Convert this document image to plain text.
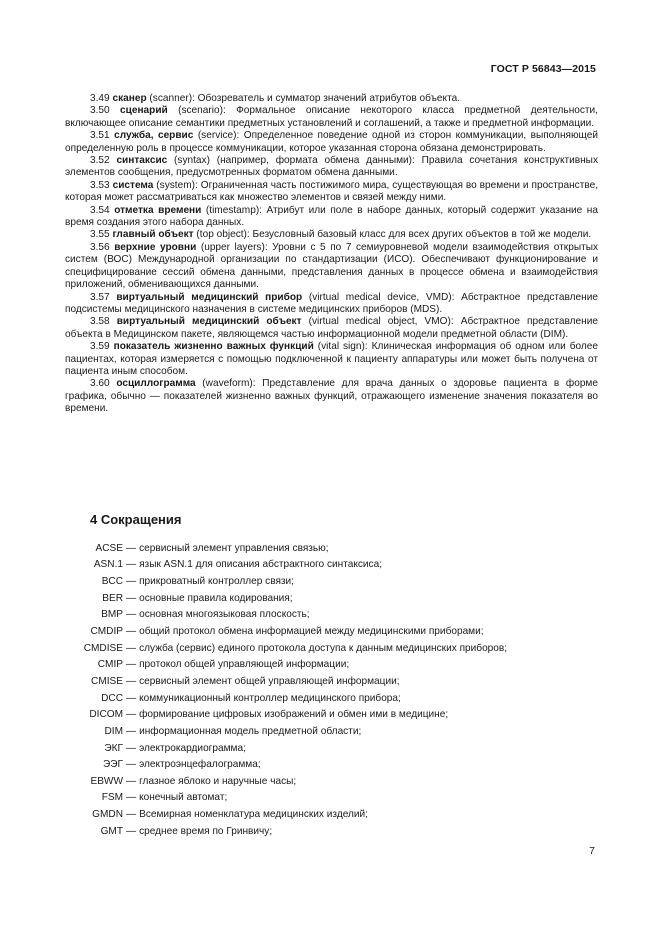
ГОСТ Р 56843—2015

3.49 сканер (scanner): Обозреватель и сумматор значений атрибутов объекта.

3.50 сценарий (scenario): Формальное описание некоторого класса предметной деятельности, включающее описание семантики предметных установлений и соглашений, а также и предметной информации.

3.51 служба, сервис (service): Определенное поведение одной из сторон коммуникации, выполняющей определенную роль в процессе коммуникации, которое указанная сторона обязана демонстрировать.

3.52 синтаксис (syntax) (например, формата обмена данными): Правила сочетания конструктивных элементов сообщения, предусмотренных форматом обмена данными.

3.53 система (system): Ограниченная часть постижимого мира, существующая во времени и пространстве, которая может рассматриваться как множество элементов и связей между ними.

3.54 отметка времени (timestamp): Атрибут или поле в наборе данных, который содержит указание на время создания этого набора данных.

3.55 главный объект (top object): Безусловный базовый класс для всех других объектов в той же модели.

3.56 верхние уровни (upper layers): Уровни с 5 по 7 семиуровневой модели взаимодействия открытых систем (ВОС) Международной организации по стандартизации (ИСО). Обеспечивают функционирование и специфицирование сессий обмена данными, представления данных в процессе обмена и взаимодействия приложений, обменивающихся данными.

3.57 виртуальный медицинский прибор (virtual medical device, VMD): Абстрактное представление подсистемы медицинского назначения в системе медицинских приборов (MDS).

3.58 виртуальный медицинский объект (virtual medical object, VMO): Абстрактное представление объекта в Медицинском пакете, являющемся частью информационной модели предметной области (DIM).

3.59 показатель жизненно важных функций (vital sign): Клиническая информация об одном или более пациентах, которая измеряется с помощью подключенной к пациенту аппаратуры или может быть получена от пациента иным способом.

3.60 осциллограмма (waveform): Представление для врача данных о здоровье пациента в форме графика, обычно — показателей жизненно важных функций, отражающего изменение значения показателя во времени.

4 Сокращения
ACSE — сервисный элемент управления связью;
ASN.1 — язык ASN.1 для описания абстрактного синтаксиса;
BCC — прикроватный контроллер связи;
BER — основные правила кодирования;
BMP — основная многоязыковая плоскость;
CMDIP — общий протокол обмена информацией между медицинскими приборами;
CMDISE — служба (сервис) единого протокола доступа к данным медицинских приборов;
CMIP — протокол общей управляющей информации;
CMISE — сервисный элемент общей управляющей информации;
DCC — коммуникационный контроллер медицинского прибора;
DICOM — формирование цифровых изображений и обмен ими в медицине;
DIM — информационная модель предметной области;
ЭКГ — электрокардиограмма;
ЭЭГ — электроэнцефалограмма;
EBWW — глазное яблоко и наручные часы;
FSM — конечный автомат;
GMDN — Всемирная номенклатура медицинских изделий;
GMT — среднее время по Гринвичу;
7
